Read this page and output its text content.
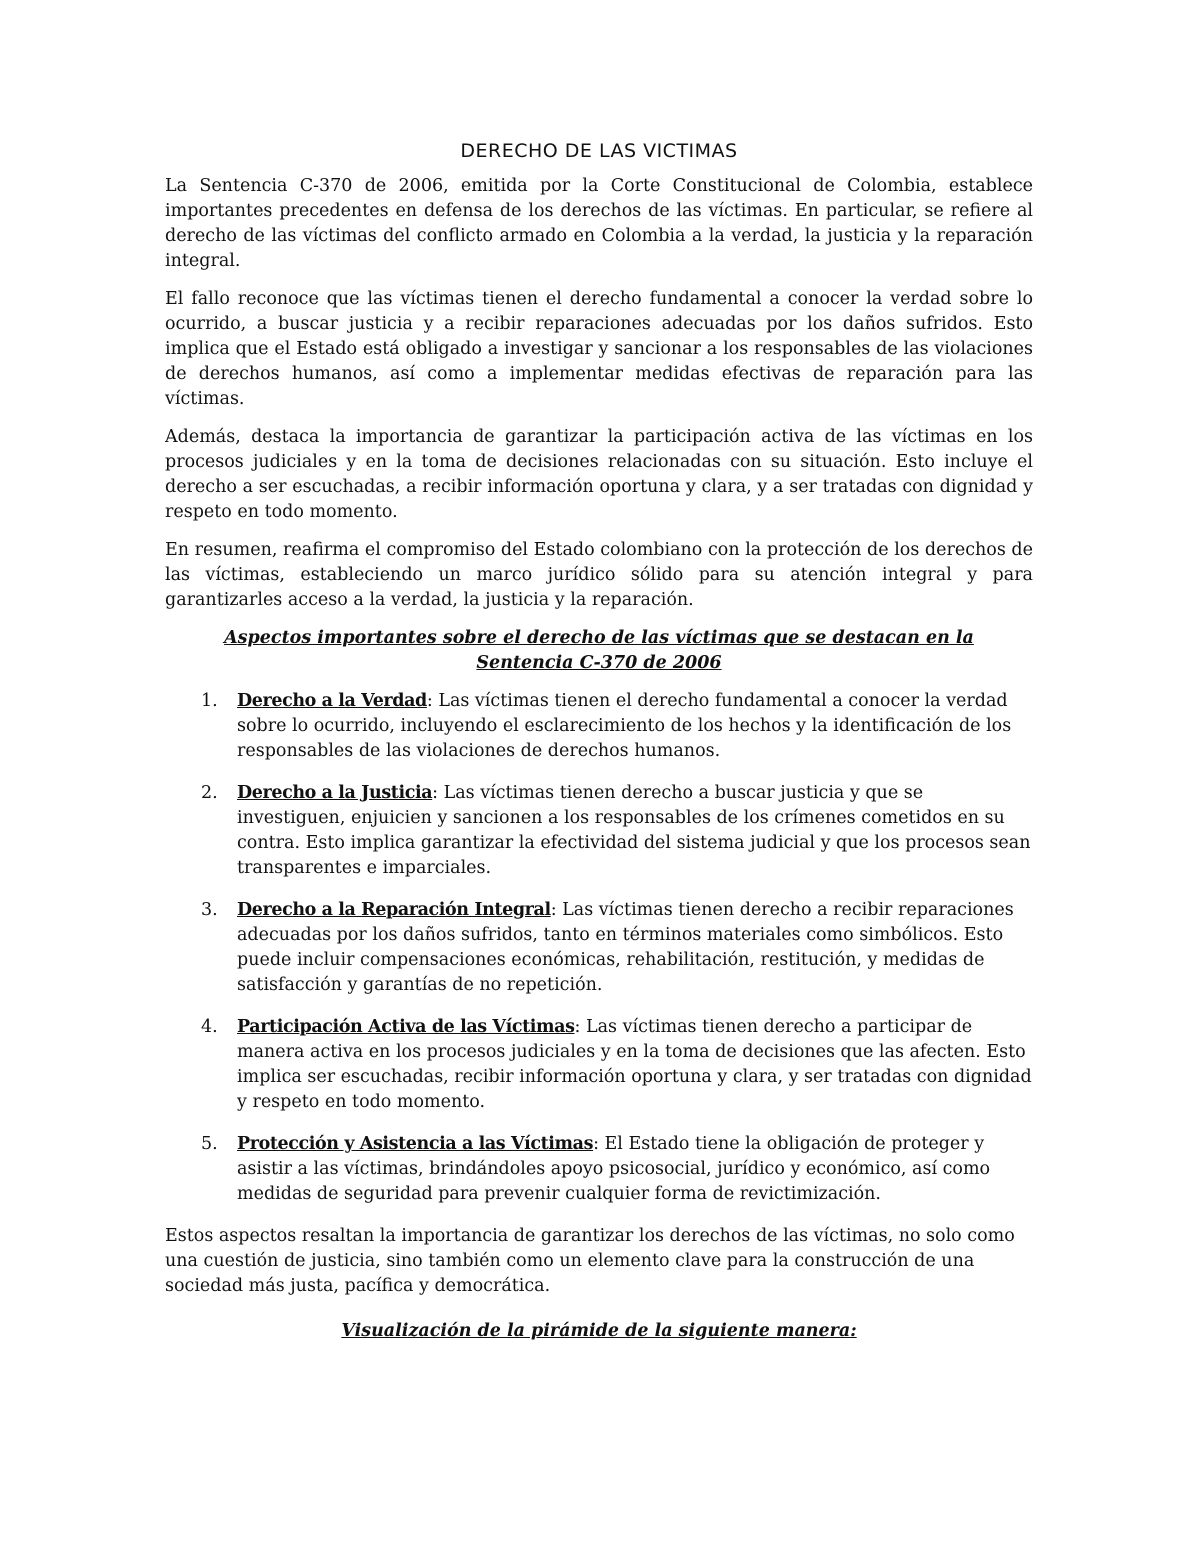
DERECHO DE LAS VICTIMAS

La Sentencia C-370 de 2006, emitida por la Corte Constitucional de Colombia, establece importantes precedentes en defensa de los derechos de las víctimas. En particular, se refiere al derecho de las víctimas del conflicto armado en Colombia a la verdad, la justicia y la reparación integral.

El fallo reconoce que las víctimas tienen el derecho fundamental a conocer la verdad sobre lo ocurrido, a buscar justicia y a recibir reparaciones adecuadas por los daños sufridos. Esto implica que el Estado está obligado a investigar y sancionar a los responsables de las violaciones de derechos humanos, así como a implementar medidas efectivas de reparación para las víctimas.

Además, destaca la importancia de garantizar la participación activa de las víctimas en los procesos judiciales y en la toma de decisiones relacionadas con su situación. Esto incluye el derecho a ser escuchadas, a recibir información oportuna y clara, y a ser tratadas con dignidad y respeto en todo momento.

En resumen, reafirma el compromiso del Estado colombiano con la protección de los derechos de las víctimas, estableciendo un marco jurídico sólido para su atención integral y para garantizarles acceso a la verdad, la justicia y la reparación.

Aspectos importantes sobre el derecho de las víctimas que se destacan en la Sentencia C-370 de 2006

1. Derecho a la Verdad: Las víctimas tienen el derecho fundamental a conocer la verdad sobre lo ocurrido, incluyendo el esclarecimiento de los hechos y la identificación de los responsables de las violaciones de derechos humanos.
2. Derecho a la Justicia: Las víctimas tienen derecho a buscar justicia y que se investiguen, enjuicien y sancionen a los responsables de los crímenes cometidos en su contra. Esto implica garantizar la efectividad del sistema judicial y que los procesos sean transparentes e imparciales.
3. Derecho a la Reparación Integral: Las víctimas tienen derecho a recibir reparaciones adecuadas por los daños sufridos, tanto en términos materiales como simbólicos. Esto puede incluir compensaciones económicas, rehabilitación, restitución, y medidas de satisfacción y garantías de no repetición.
4. Participación Activa de las Víctimas: Las víctimas tienen derecho a participar de manera activa en los procesos judiciales y en la toma de decisiones que las afecten. Esto implica ser escuchadas, recibir información oportuna y clara, y ser tratadas con dignidad y respeto en todo momento.
5. Protección y Asistencia a las Víctimas: El Estado tiene la obligación de proteger y asistir a las víctimas, brindándoles apoyo psicosocial, jurídico y económico, así como medidas de seguridad para prevenir cualquier forma de revictimización.

Estos aspectos resaltan la importancia de garantizar los derechos de las víctimas, no solo como una cuestión de justicia, sino también como un elemento clave para la construcción de una sociedad más justa, pacífica y democrática.

Visualización de la pirámide de la siguiente manera:
